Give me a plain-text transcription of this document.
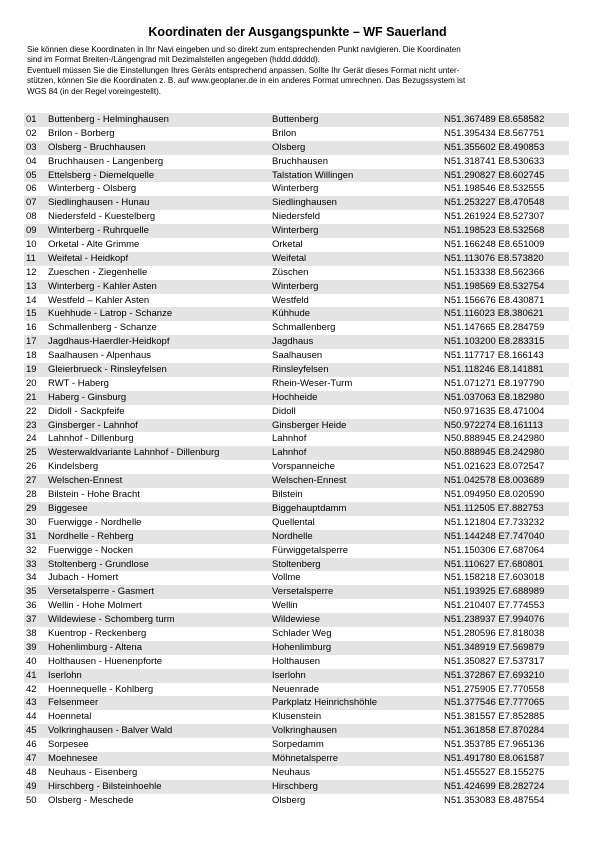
Koordinaten der Ausgangspunkte – WF Sauerland

Sie können diese Koordinaten in Ihr Navi eingeben und so direkt zum entsprechenden Punkt navigieren. Die Koordinaten

sind im Format Breiten-/Längengrad mit Dezimalstellen angegeben (hddd.ddddd).

Eventuell müssen Sie die Einstellungen Ihres Geräts entsprechend anpassen. Sollte Ihr Gerät dieses Format nicht unter-

stützen, können Sie die Koordinaten z. B. auf www.geoplaner.de in ein anderes Format umrechnen. Das Bezugssystem ist

WGS 84 (in der Regel voreingestellt).

01 Buttenberg - Helminghausen	Buttenberg	N51.367489 E8.658582
02 Brilon - Borberg	Brilon	N51.395434 E8.567751
03 Olsberg - Bruchhausen	Olsberg	N51.355602 E8.490853
04 Bruchhausen - Langenberg	Bruchhausen	N51.318741 E8.530633
05 Ettelsberg - Diemelquelle	Talstation Willingen	N51.290827 E8.602745
06 Winterberg - Olsberg	Winterberg	N51.198546 E8.532555
07 Siedlinghausen - Hunau	Siedlinghausen	N51.253227 E8.470548
08 Niedersfeld - Kuestelberg	Niedersfeld	N51.261924 E8.527307
09 Winterberg - Ruhrquelle	Winterberg	N51.198523 E8.532568
10 Orketal - Alte Grimme	Orketal	N51.166248 E8.651009
11 Weifetal - Heidkopf	Weifetal	N51.113076 E8.573820
12 Zueschen - Ziegenhelle	Züschen	N51.153338 E8.562366
13 Winterberg - Kahler Asten	Winterberg	N51.198569 E8.532754
14 Westfeld – Kahler Asten	Westfeld	N51.156676 E8.430871
15 Kuehhude - Latrop - Schanze	Kühhude	N51.116023 E8.380621
16 Schmallenberg - Schanze	Schmallenberg	N51.147665 E8.284759
17 Jagdhaus-Haerdler-Heidkopf	Jagdhaus	N51.103200 E8.283315
18 Saalhausen - Alpenhaus	Saalhausen	N51.117717 E8.166143
19 Gleierbrueck - Rinsleyfelsen	Rinsleyfelsen	N51.118246 E8.141881
20 RWT - Haberg	Rhein-Weser-Turm	N51.071271 E8.197790
21 Haberg - Ginsburg	Hochheide	N51.037063 E8.182980
22 Didoll - Sackpfeife	Didoll	N50.971635 E8.471004
23 Ginsberger - Lahnhof	Ginsberger Heide	N50.972274 E8.161113
24 Lahnhof - Dillenburg	Lahnhof	N50.888945 E8.242980
25 Westerwaldvariante Lahnhof - Dillenburg	Lahnhof	N50.888945 E8.242980
26 Kindelsberg	Vorspanneiche	N51.021623 E8.072547
27 Welschen-Ennest	Welschen-Ennest	N51.042578 E8.003689
28 Bilstein - Hohe Bracht	Bilstein	N51.094950 E8.020590
29 Biggesee	Biggehauptdamm	N51.112505 E7.882753
30 Fuerwigge - Nordhelle	Quellental	N51.121804 E7.733232
31 Nordhelle - Rehberg	Nordhelle	N51.144248 E7.747040
32 Fuerwigge - Nocken	Fürwiggetalsperre	N51.150306 E7.687064
33 Stoltenberg - Grundlose	Stoltenberg	N51.110627 E7.680801
34 Jubach - Homert	Vollme	N51.158218 E7.603018
35 Versetalsperre - Gasmert	Versetalsperre	N51.193925 E7.688989
36 Wellin - Hohe Molmert	Wellin	N51.210407 E7.774553
37 Wildewiese - Schomberg turm	Wildewiese	N51.238937 E7.994076
38 Kuentrop - Reckenberg	Schlader Weg	N51.280596 E7.818038
39 Hohenlimburg - Altena	Hohenlimburg	N51.348919 E7.569879
40 Holthausen - Huenenpforte	Holthausen	N51.350827 E7.537317
41 Iserlohn	Iserlohn	N51.372867 E7.693210
42 Hoennequelle - Kohlberg	Neuenrade	N51.275905 E7.770558
43 Felsenmeer	Parkplatz Heinrichshöhle	N51.377546 E7.777065
44 Hoennetal	Klusenstein	N51.381557 E7.852885
45 Volkringhausen - Balver Wald	Volkringhausen	N51.361858 E7.870284
46 Sorpesee	Sorpedamm	N51.353785 E7.965136
47 Moehnesee	Möhnetalsperre	N51.491780 E8.061587
48 Neuhaus - Eisenberg	Neuhaus	N51.455527 E8.155275
49 Hirschberg - Bilsteinhoehle	Hirschberg	N51.424699 E8.282724
50 Olsberg - Meschede	Olsberg	N51.353083 E8.487554
